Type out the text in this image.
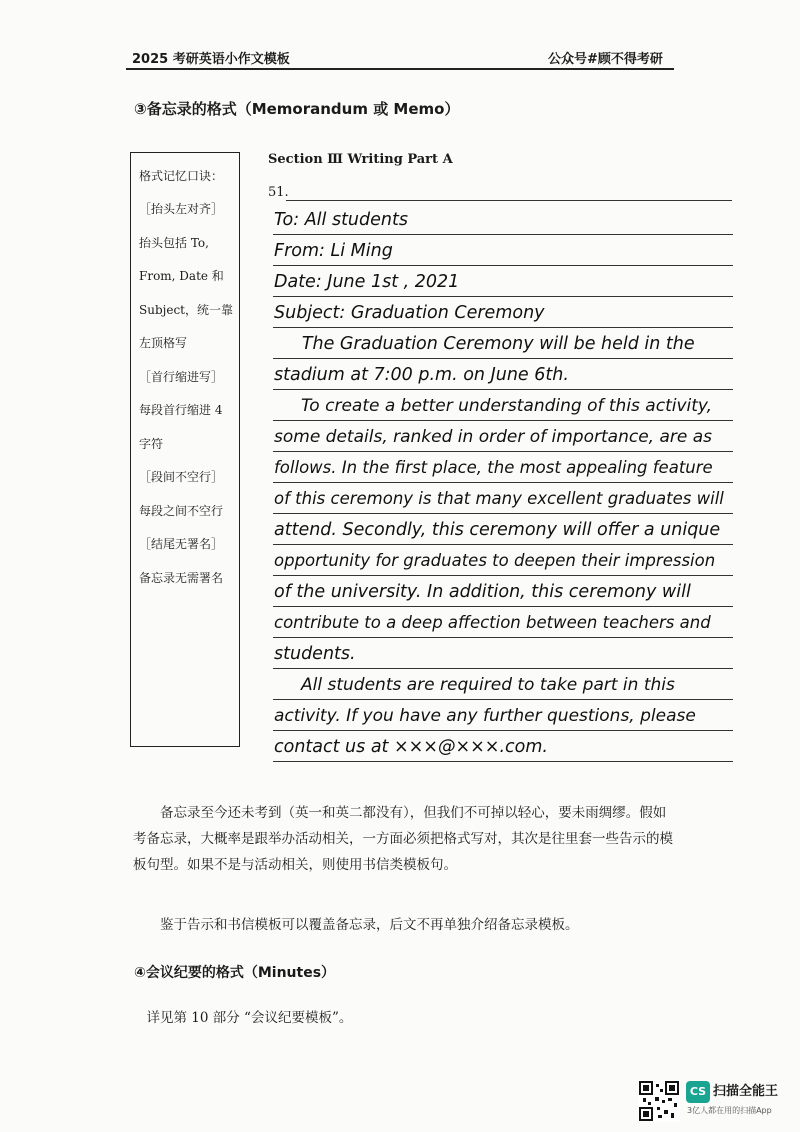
2025 考研英语小作文模板	公众号#顾不得考研
③备忘录的格式（Memorandum 或 Memo）
格式记忆口诀：
［抬头左对齐］
抬头包括 To,
From, Date 和
Subject，统一靠
左顶格写
［首行缩进写］
每段首行缩进 4
字符
［段间不空行］
每段之间不空行
［结尾无署名］
备忘录无需署名
Section Ⅲ Writing Part A
51.
To: All students
From: Li Ming
Date: June 1st , 2021
Subject: Graduation Ceremony
The Graduation Ceremony will be held in the
stadium at 7:00 p.m. on June 6th.
To create a better understanding of this activity,
some details, ranked in order of importance, are as
follows. In the first place, the most appealing feature
of this ceremony is that many excellent graduates will
attend. Secondly, this ceremony will offer a unique
opportunity for graduates to deepen their impression
of the university. In addition, this ceremony will
contribute to a deep affection between teachers and
students.
All students are required to take part in this
activity. If you have any further questions, please
contact us at ×××@×××.com.
备忘录至今还未考到（英一和英二都没有），但我们不可掉以轻心，要未雨绸缪。假如考备忘录，大概率是跟举办活动相关，一方面必须把格式写对，其次是往里套一些告示的模板句型。如果不是与活动相关，则使用书信类模板句。
鉴于告示和书信模板可以覆盖备忘录，后文不再单独介绍备忘录模板。
④会议纪要的格式（Minutes）
详见第 10 部分 “会议纪要模板”。
CS 扫描全能王
3亿人都在用的扫描App
